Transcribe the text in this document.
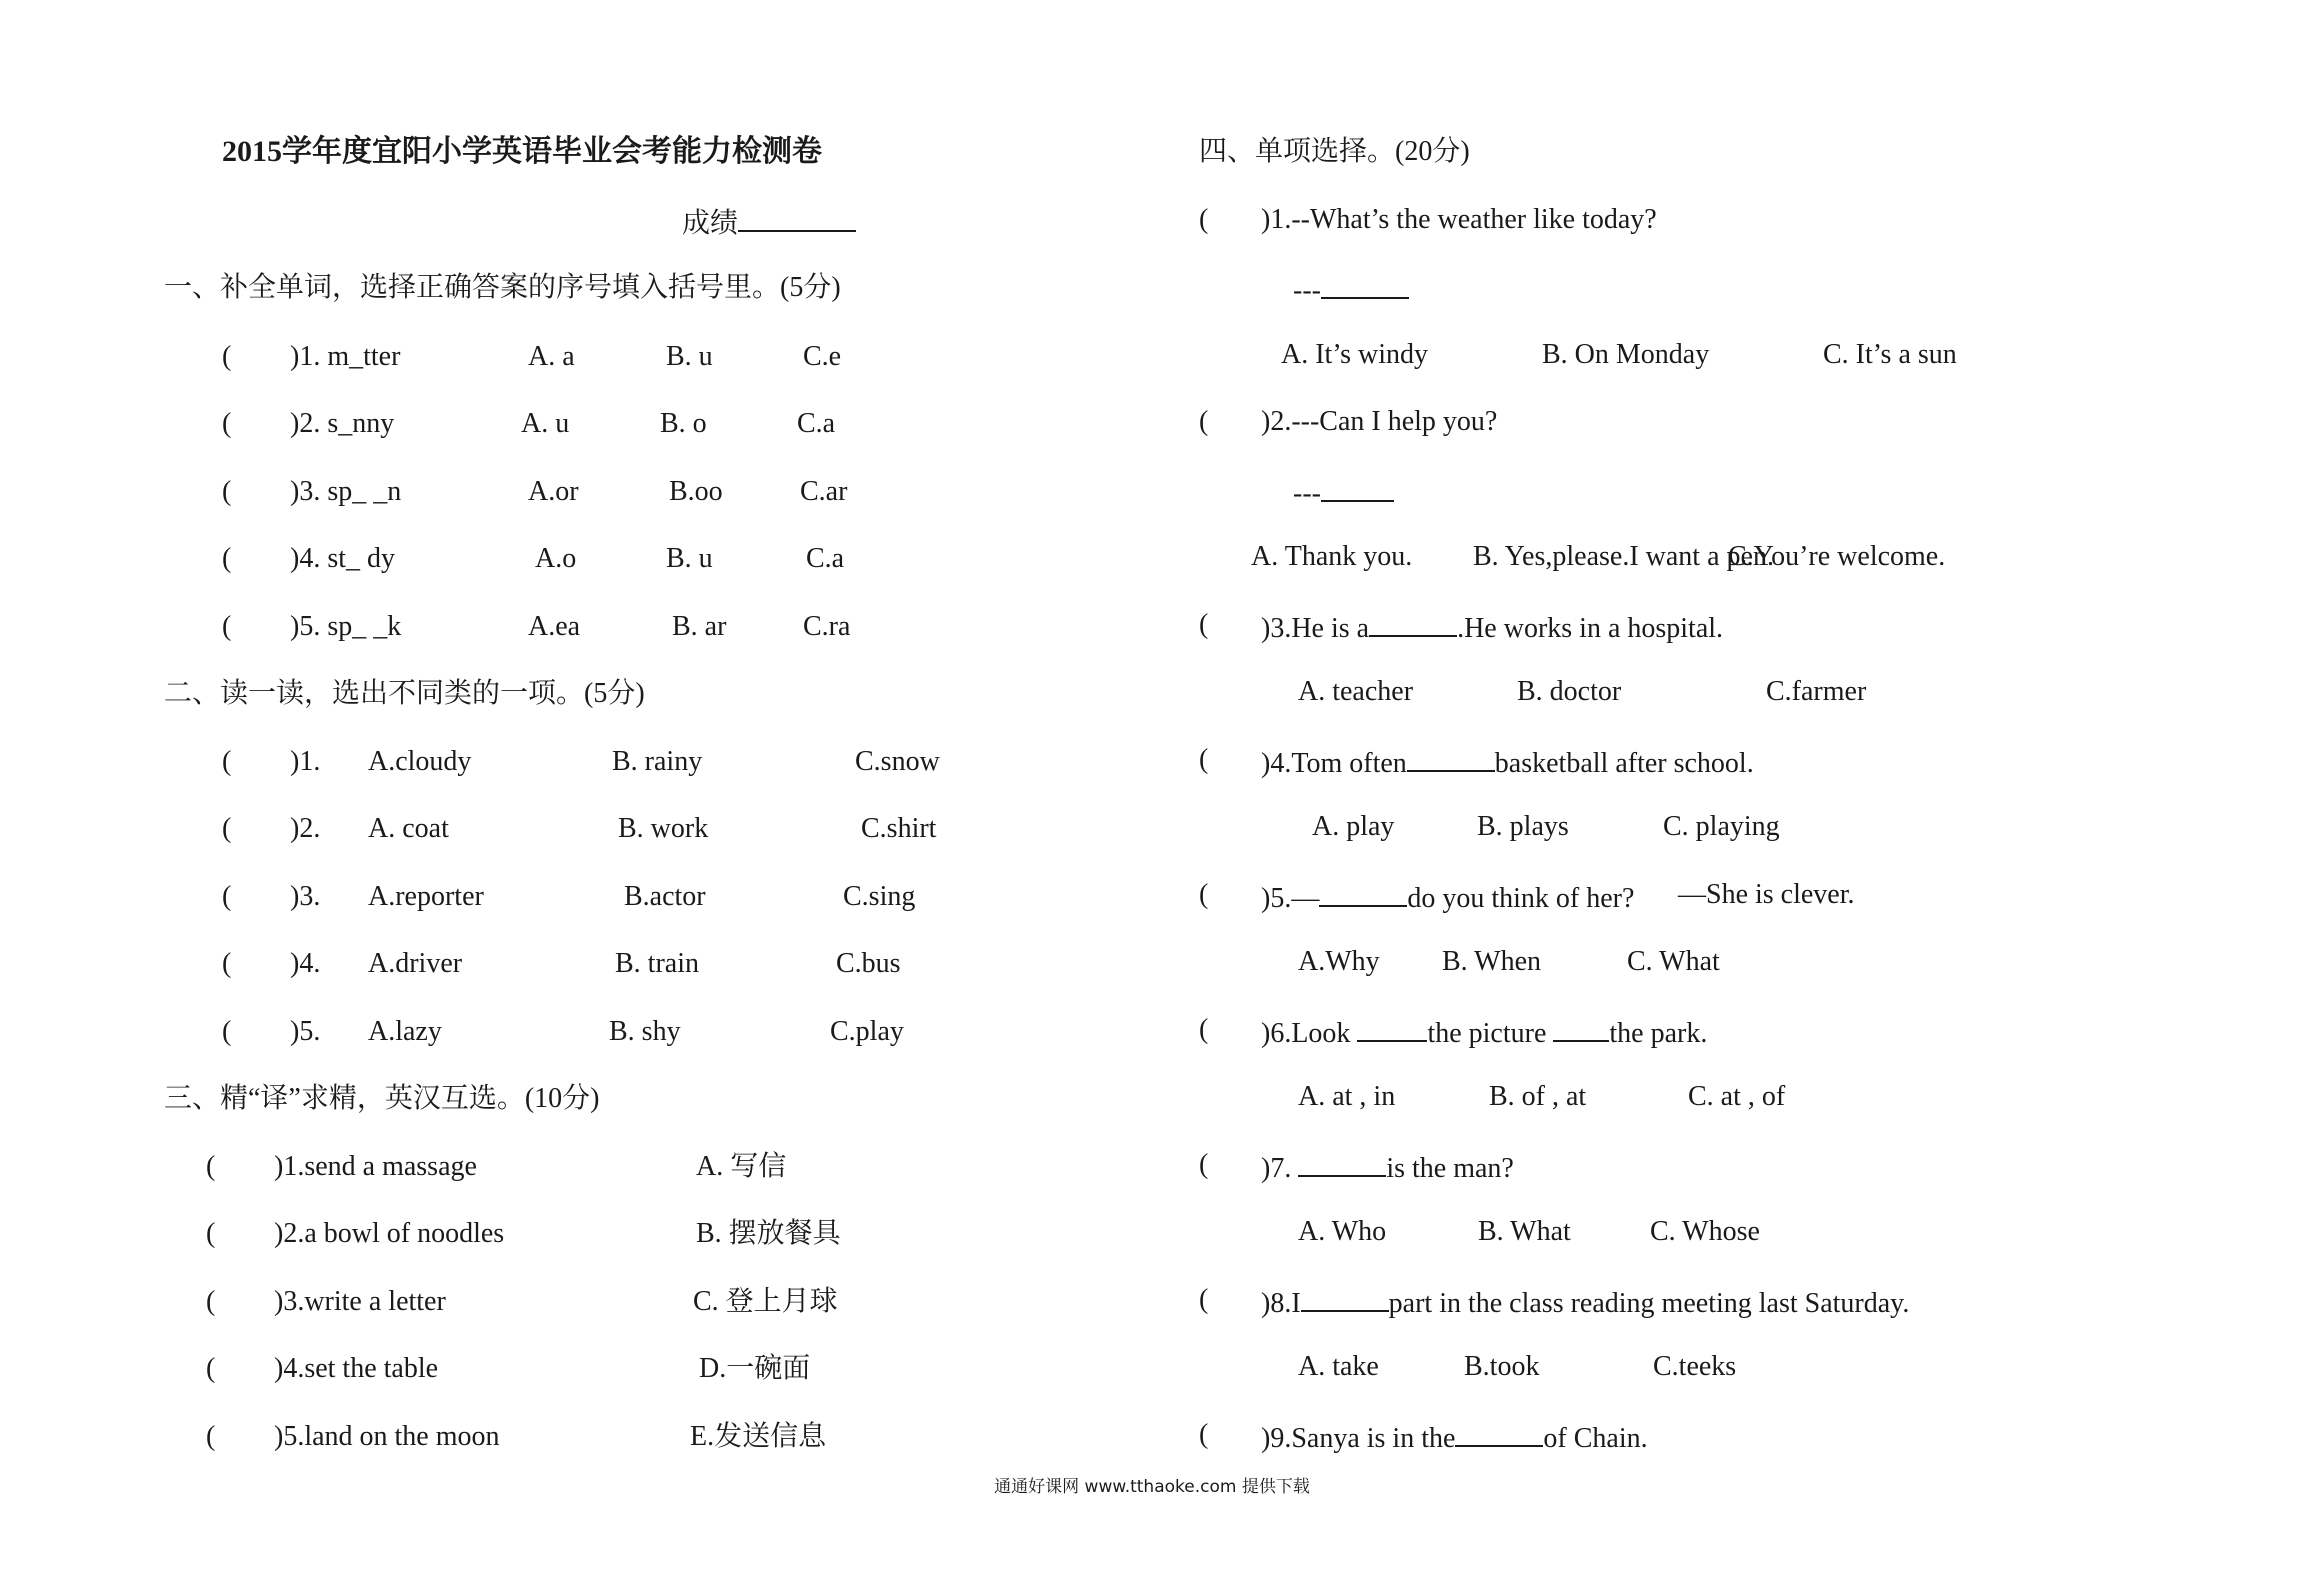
2015学年度宜阳小学英语毕业会考能力检测卷
成绩
一、补全单词，选择正确答案的序号填入括号里。(5分)
( )1. m_tter	A. a	B. u	C.e
( )2. s_nny	A. u	B. o	C.a
( )3. sp_ _n	A.or	B.oo	C.ar
( )4. st_ dy	A.o	B. u	C.a
( )5. sp_ _k	A.ea	B. ar	C.ra
二、读一读，选出不同类的一项。(5分)
( )1. A.cloudy	B. rainy	C.snow
( )2. A. coat	B. work	C.shirt
( )3. A.reporter	B.actor	C.sing
( )4. A.driver	B. train	C.bus
( )5. A.lazy	B. shy	C.play
三、精“译”求精，英汉互选。(10分)
( )1.send a massage	A. 写信
( )2.a bowl of noodles	B. 摆放餐具
( )3.write a letter	C. 登上月球
( )4.set the table	D.一碗面
( )5.land on the moon	E.发送信息
四、单项选择。(20分)
( )1.--What’s the weather like today?
---
A. It’s windy	B. On Monday	C. It’s a sun
( )2.---Can I help you?
---
A. Thank you. B. Yes,please.I want a pen.
C.You’re welcome.
( )3.He is a	.He works in a hospital.
A. teacher	B. doctor	C.farmer
( )4.Tom often	basketball after school.
A. play	B. plays	C. playing
( )5.—	do you think of her? —She is clever.
A.Why B. When	C. What
( )6.Look	the picture the park.
A. at , in	B. of , at	C. at , of
( )7.	is the man?
A. Who	B. What	C. Whose
( )8.I	part in the class reading meeting last Saturday.
A. take	B.took	C.teeks
( )9.Sanya is in the	of Chain.
通通好课网 www.tthaoke.com 提供下载
